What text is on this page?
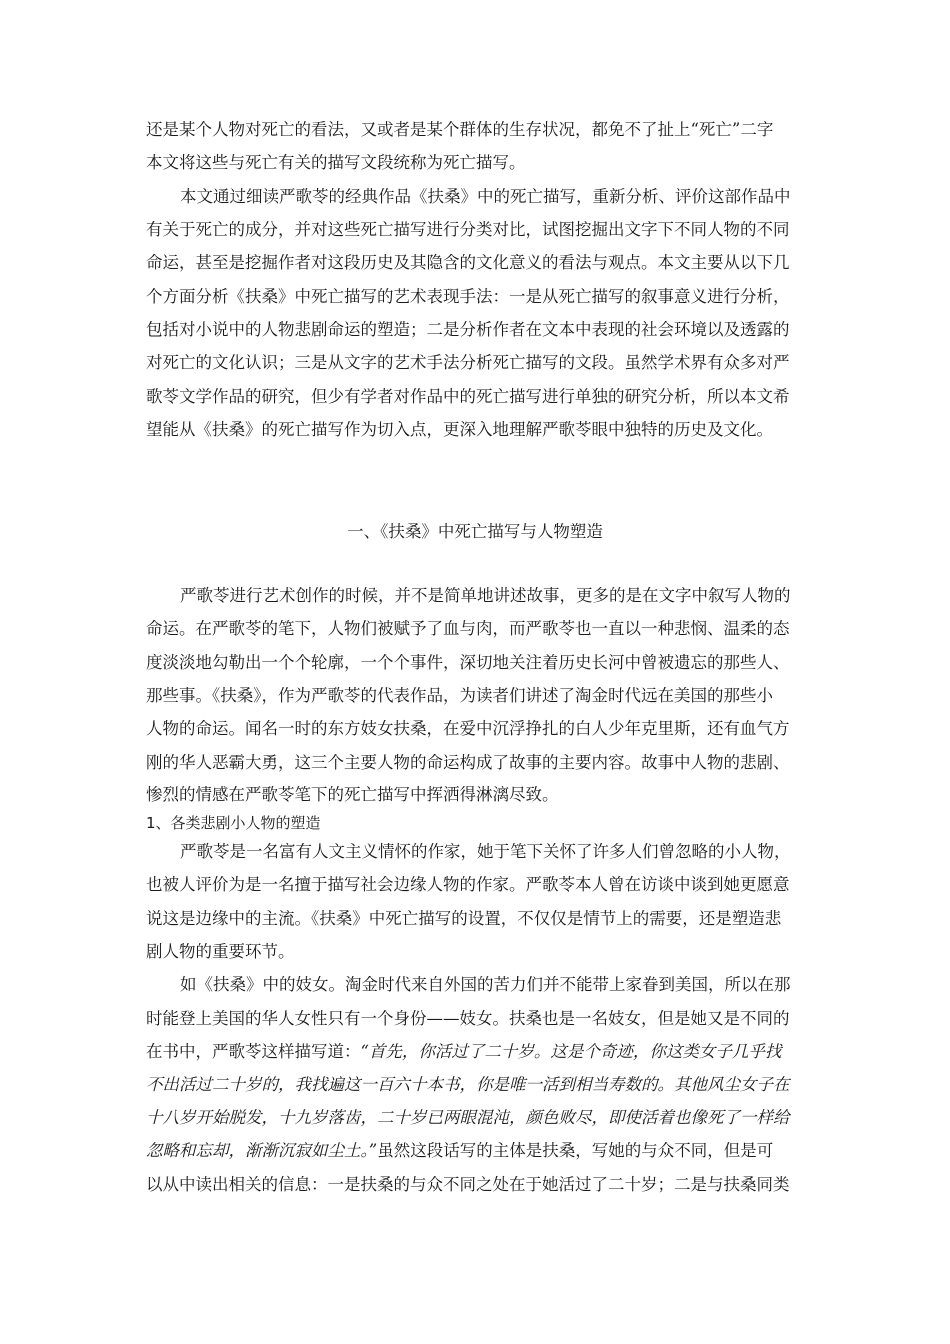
还是某个人物对死亡的看法，又或者是某个群体的生存状况，都免不了扯上“死亡”二字
本文将这些与死亡有关的描写文段统称为死亡描写。
本文通过细读严歌苓的经典作品《扶桑》中的死亡描写，重新分析、评价这部作品中
有关于死亡的成分，并对这些死亡描写进行分类对比，试图挖掘出文字下不同人物的不同
命运，甚至是挖掘作者对这段历史及其隐含的文化意义的看法与观点。本文主要从以下几
个方面分析《扶桑》中死亡描写的艺术表现手法：一是从死亡描写的叙事意义进行分析，
包括对小说中的人物悲剧命运的塑造；二是分析作者在文本中表现的社会环境以及透露的
对死亡的文化认识；三是从文字的艺术手法分析死亡描写的文段。虽然学术界有众多对严
歌苓文学作品的研究，但少有学者对作品中的死亡描写进行单独的研究分析，所以本文希
望能从《扶桑》的死亡描写作为切入点，更深入地理解严歌苓眼中独特的历史及文化。
一、《扶桑》中死亡描写与人物塑造
严歌苓进行艺术创作的时候，并不是简单地讲述故事，更多的是在文字中叙写人物的
命运。在严歌苓的笔下，人物们被赋予了血与肉，而严歌苓也一直以一种悲悯、温柔的态
度淡淡地勾勒出一个个轮廓，一个个事件，深切地关注着历史长河中曾被遗忘的那些人、
那些事。《扶桑》，作为严歌苓的代表作品，为读者们讲述了淘金时代远在美国的那些小
人物的命运。闻名一时的东方妓女扶桑，在爱中沉浮挣扎的白人少年克里斯，还有血气方
刚的华人恶霸大勇，这三个主要人物的命运构成了故事的主要内容。故事中人物的悲剧、
惨烈的情感在严歌苓笔下的死亡描写中挥洒得淋漓尽致。
1、各类悲剧小人物的塑造
严歌苓是一名富有人文主义情怀的作家，她于笔下关怀了许多人们曾忽略的小人物，
也被人评价为是一名擅于描写社会边缘人物的作家。严歌苓本人曾在访谈中谈到她更愿意
说这是边缘中的主流。《扶桑》中死亡描写的设置，不仅仅是情节上的需要，还是塑造悲
剧人物的重要环节。
如《扶桑》中的妓女。淘金时代来自外国的苦力们并不能带上家眷到美国，所以在那
时能登上美国的华人女性只有一个身份——妓女。扶桑也是一名妓女，但是她又是不同的
在书中，严歌苓这样描写道：“首先，你活过了二十岁。这是个奇迹，你这类女子几乎找
不出活过二十岁的，我找遍这一百六十本书，你是唯一活到相当寿数的。其他风尘女子在
十八岁开始脱发，十九岁落齿，二十岁已两眼混沌，颜色败尽，即使活着也像死了一样给
忽略和忘却，渐渐沉寂如尘土。”虽然这段话写的主体是扶桑，写她的与众不同，但是可
以从中读出相关的信息：一是扶桑的与众不同之处在于她活过了二十岁；二是与扶桑同类
